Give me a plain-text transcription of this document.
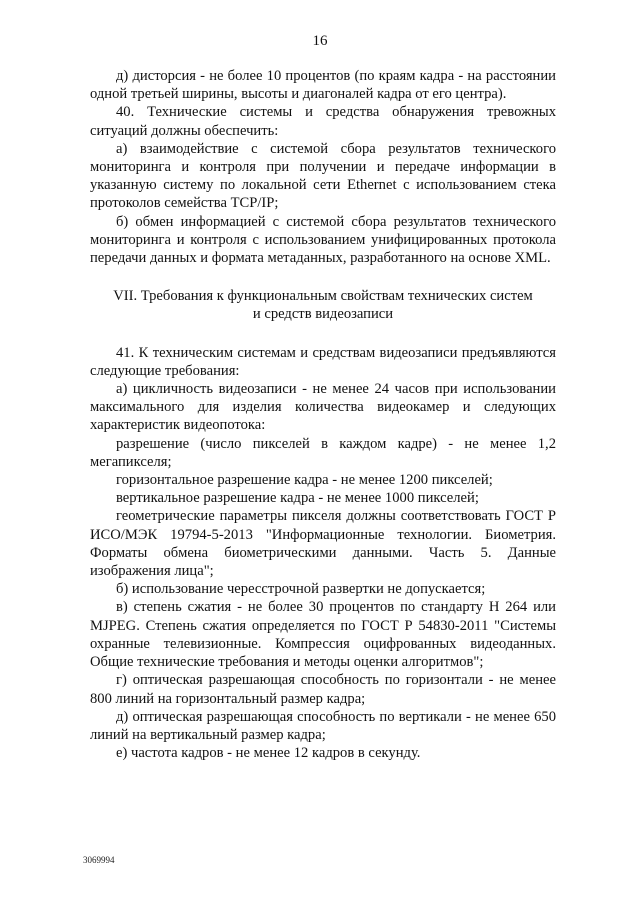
16

д) дисторсия - не более 10 процентов (по краям кадра - на расстоянии одной третьей ширины, высоты и диагоналей кадра от его центра).

40. Технические системы и средства обнаружения тревожных ситуаций должны обеспечить:

а) взаимодействие с системой сбора результатов технического мониторинга и контроля при получении и передаче информации в указанную систему по локальной сети Ethernet с использованием стека протоколов семейства TCP/IP;

б) обмен информацией с системой сбора результатов технического мониторинга и контроля с использованием унифицированных протокола передачи данных и формата метаданных, разработанного на основе XML.

VII. Требования к функциональным свойствам технических систем
и средств видеозаписи

41. К техническим системам и средствам видеозаписи предъявляются следующие требования:

а) цикличность видеозаписи - не менее 24 часов при использовании максимального для изделия количества видеокамер и следующих характеристик видеопотока:

разрешение (число пикселей в каждом кадре) - не менее 1,2 мегапикселя;

горизонтальное разрешение кадра - не менее 1200 пикселей;

вертикальное разрешение кадра - не менее 1000 пикселей;

геометрические параметры пикселя должны соответствовать ГОСТ Р ИСО/МЭК 19794-5-2013 "Информационные технологии. Биометрия. Форматы обмена биометрическими данными. Часть 5. Данные изображения лица";

б) использование чересстрочной развертки не допускается;

в) степень сжатия - не более 30 процентов по стандарту H 264 или MJPEG. Степень сжатия определяется по ГОСТ Р 54830-2011 "Системы охранные телевизионные. Компрессия оцифрованных видеоданных. Общие технические требования и методы оценки алгоритмов";

г) оптическая разрешающая способность по горизонтали - не менее 800 линий на горизонтальный размер кадра;

д) оптическая разрешающая способность по вертикали - не менее 650 линий на вертикальный размер кадра;

е) частота кадров - не менее 12 кадров в секунду.

3069994
